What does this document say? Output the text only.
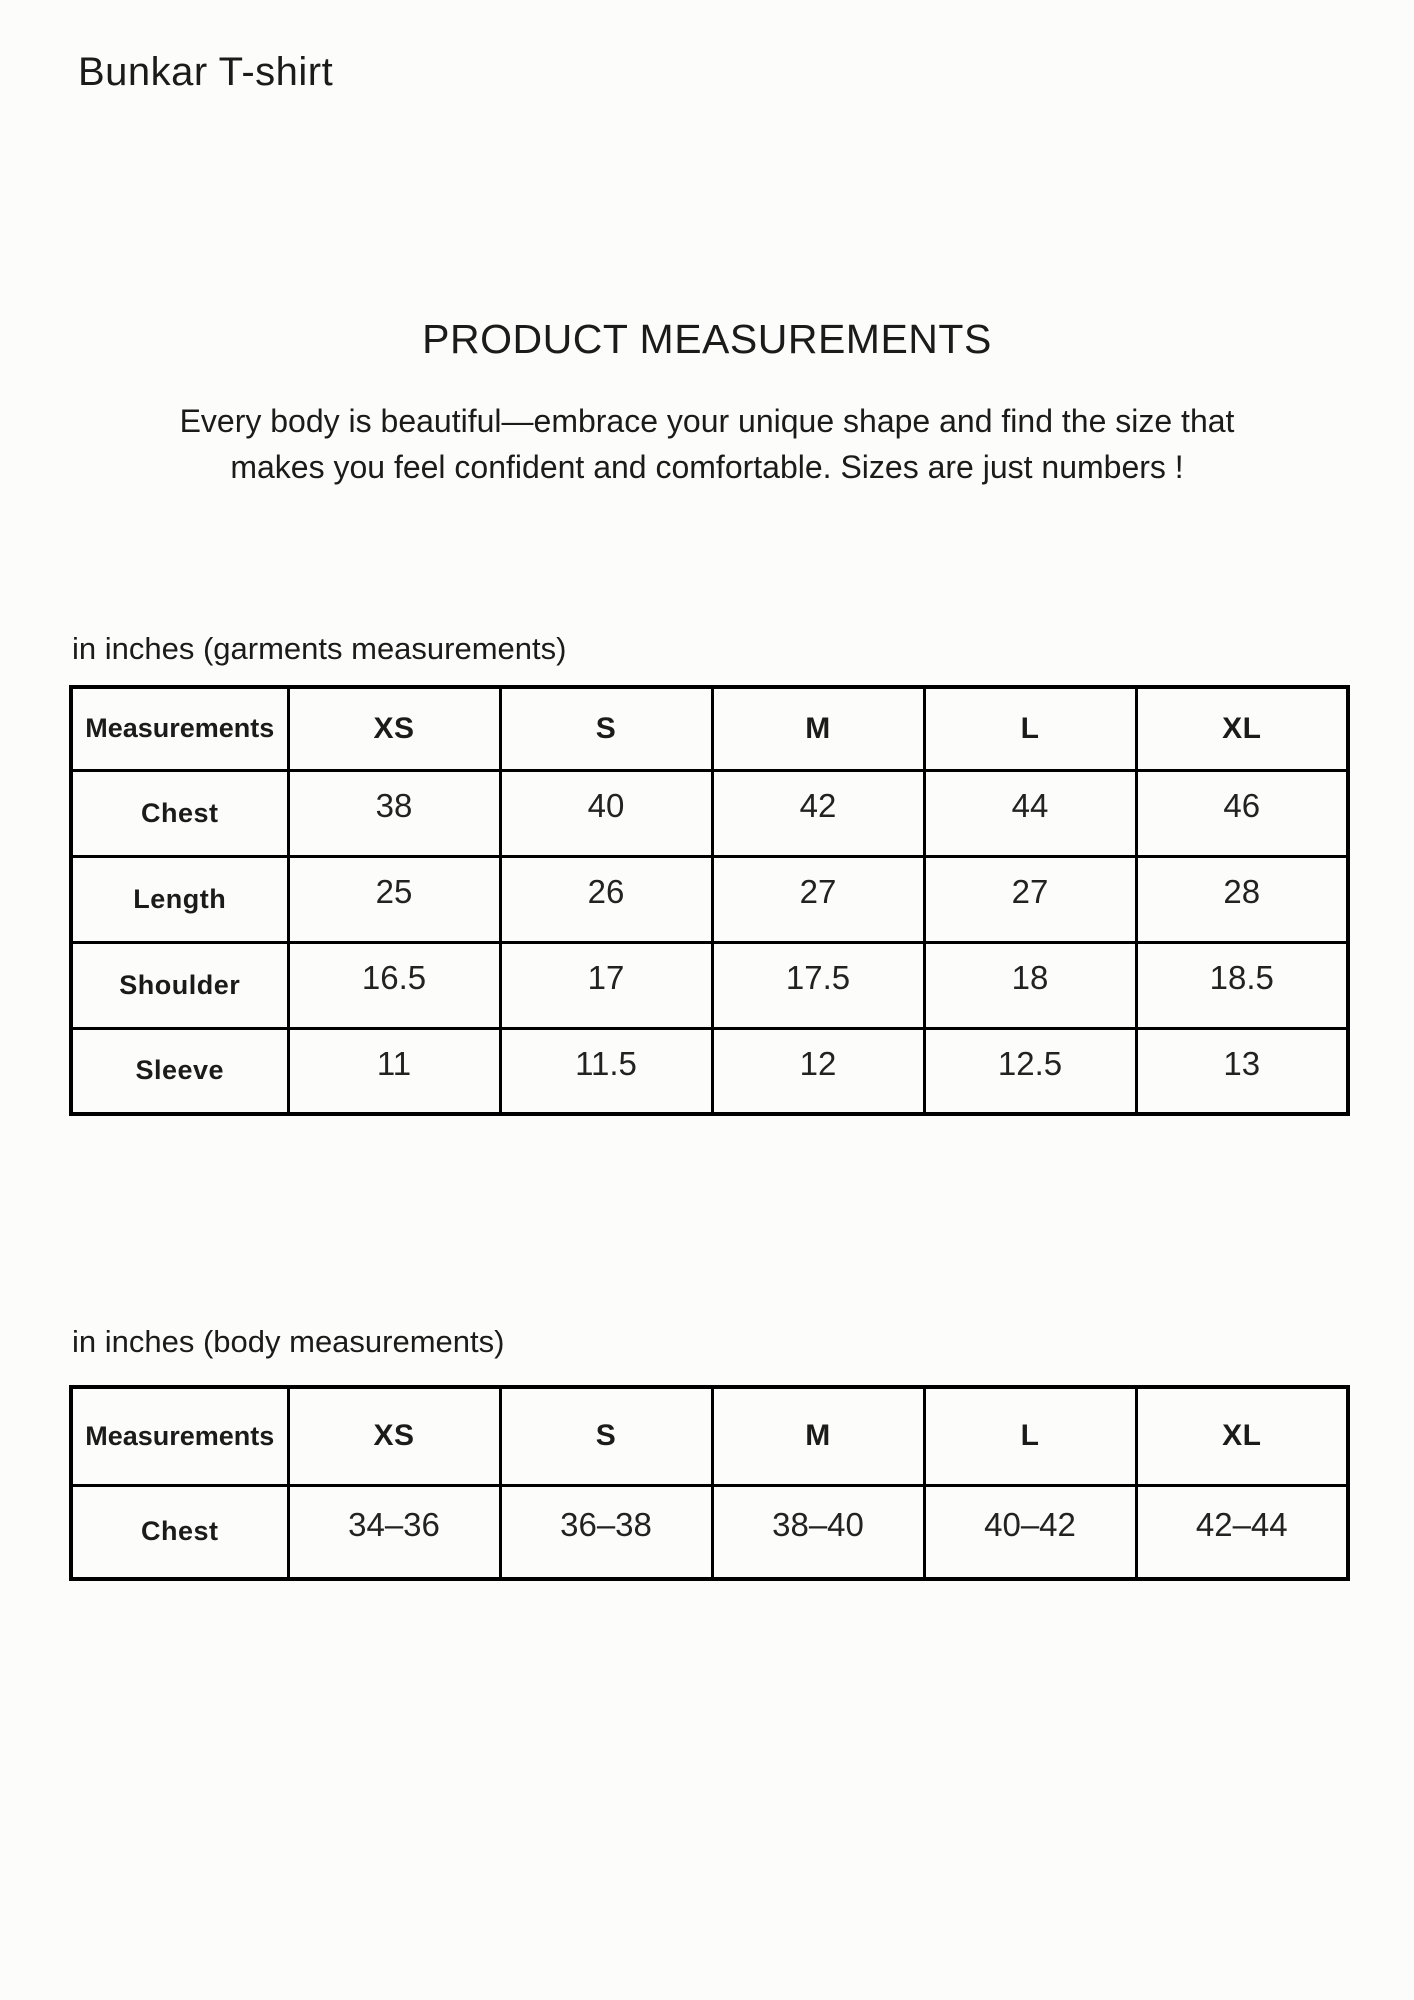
Bunkar T-shirt
PRODUCT MEASUREMENTS
Every body is beautiful—embrace your unique shape and find the size that
makes you feel confident and comfortable. Sizes are just numbers !
in inches (garments measurements)
Measurements	XS	S	M	L	XL
Chest	38	40	42	44	46
Length	25	26	27	27	28
Shoulder	16.5	17	17.5	18	18.5
Sleeve	11	11.5	12	12.5	13
in inches (body measurements)
Measurements	XS	S	M	L	XL
Chest	34–36	36–38	38–40	40–42	42–44
